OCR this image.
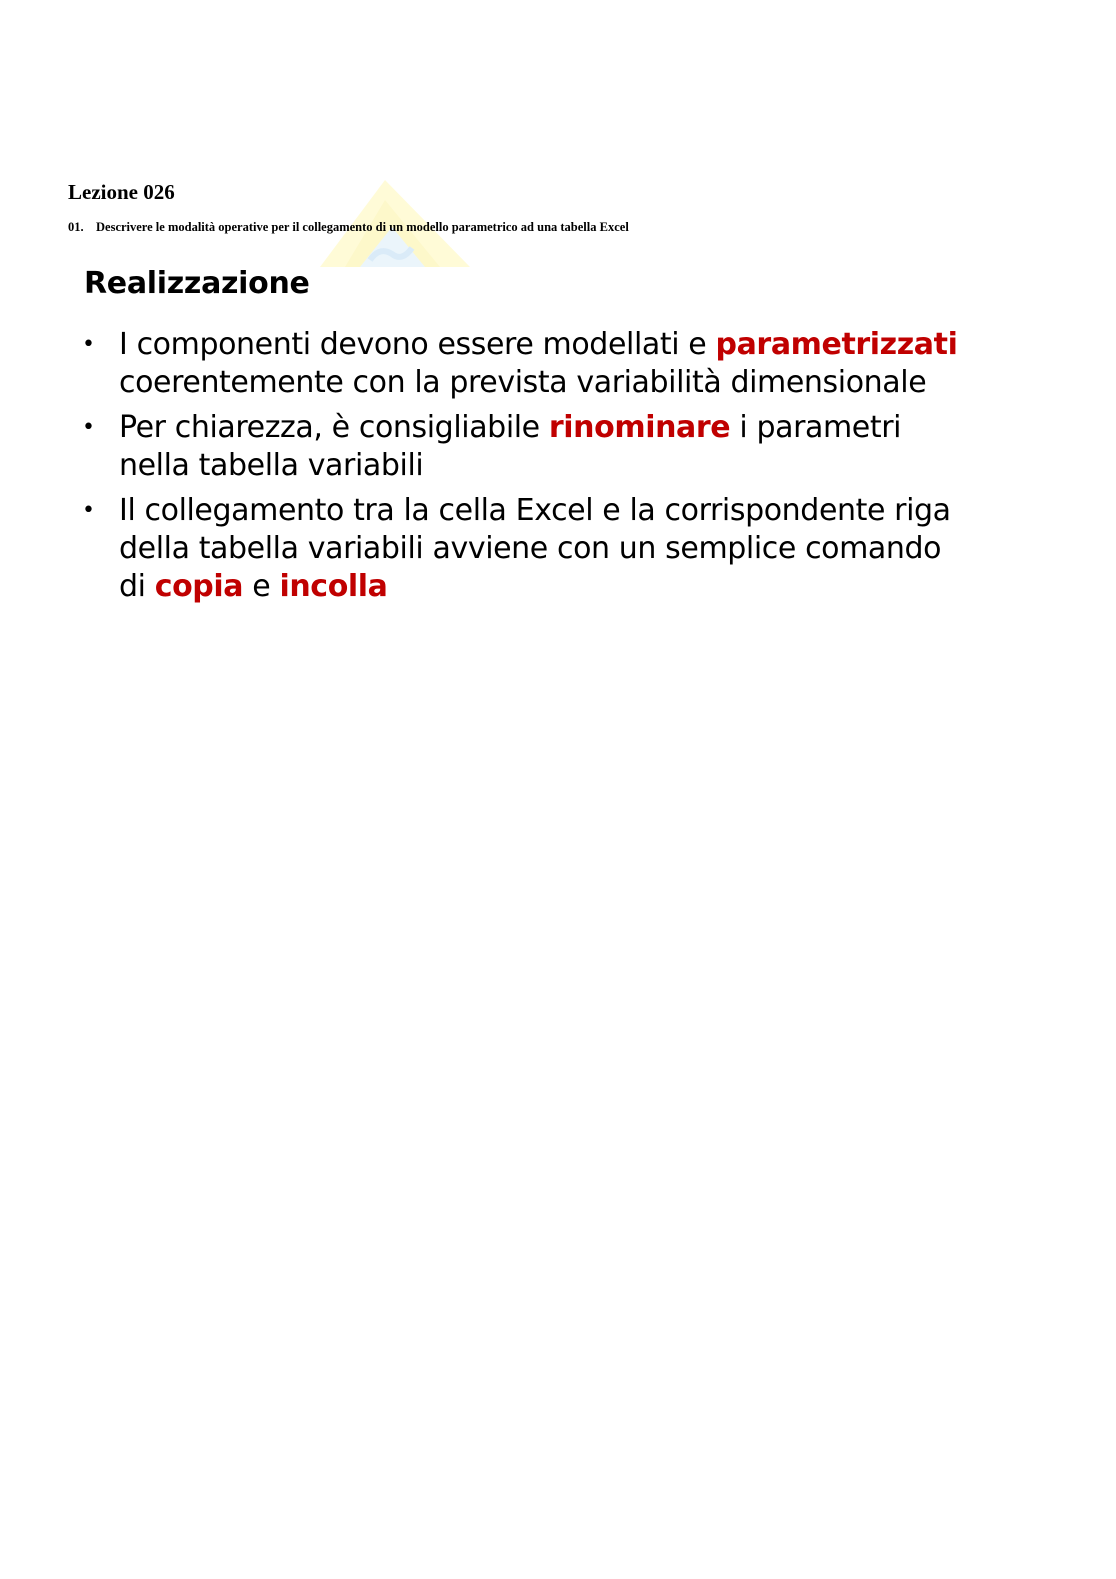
Lezione 026

01. Descrivere le modalità operative per il collegamento di un modello parametrico ad una tabella Excel

Realizzazione
• I componenti devono essere modellati e parametrizzati coerentemente con la prevista variabilità dimensionale
• Per chiarezza, è consigliabile rinominare i parametri nella tabella variabili
• Il collegamento tra la cella Excel e la corrispondente riga della tabella variabili avviene con un semplice comando di copia e incolla
